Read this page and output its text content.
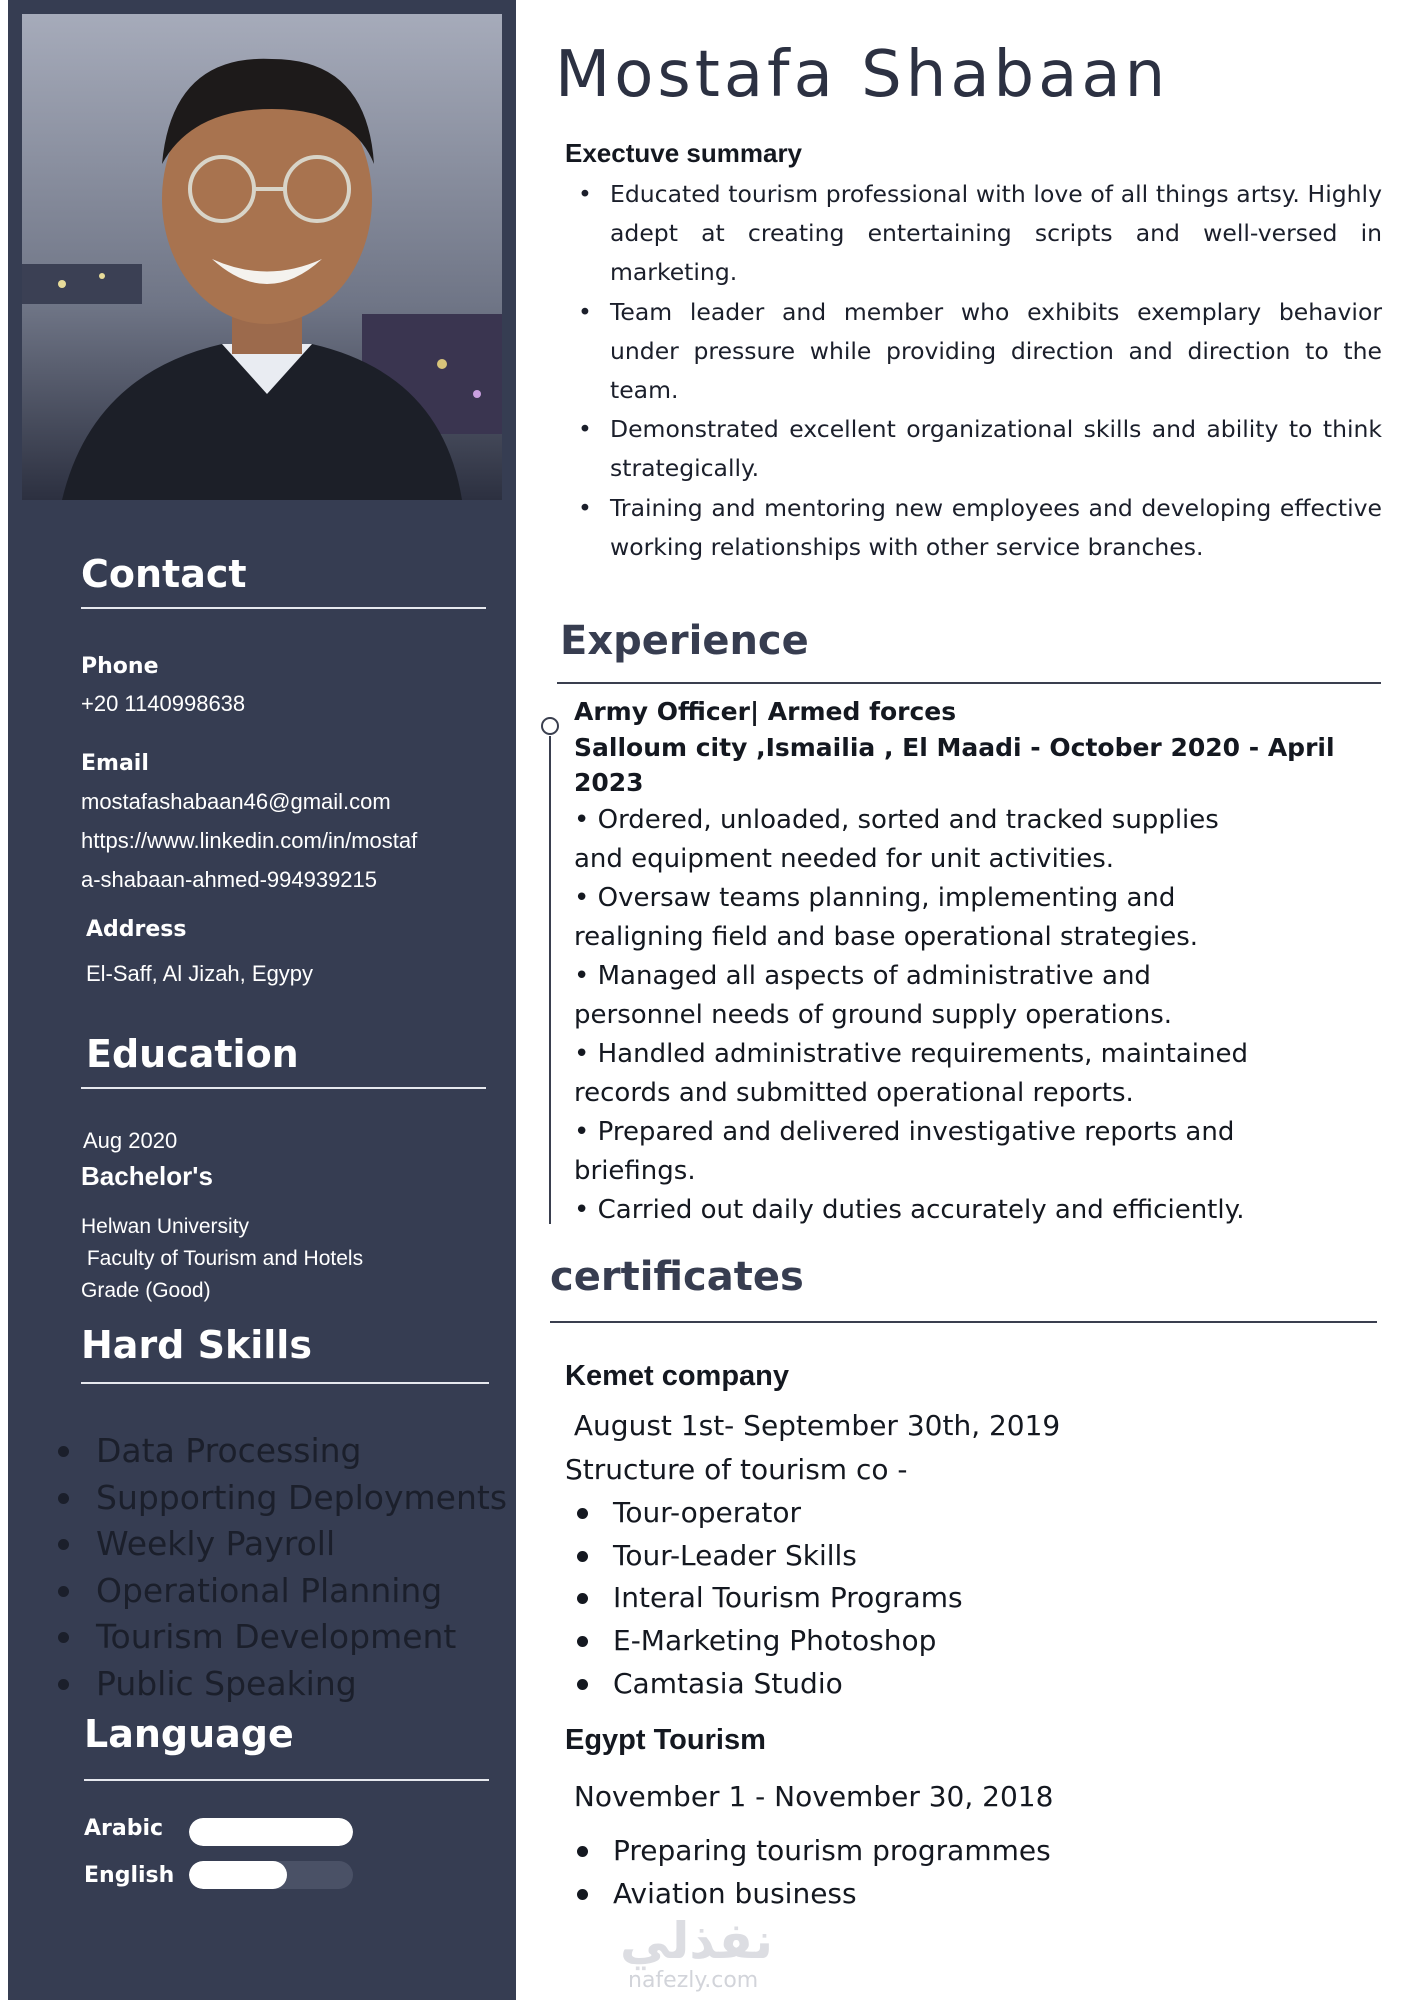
Contact
Phone
+20 1140998638
Email
mostafashabaan46@gmail.com
https://www.linkedin.com/in/mostaf
a-shabaan-ahmed-994939215
Address
El-Saff, Al Jizah, Egypy
Education
Aug 2020
Bachelor's
Helwan University
Faculty of Tourism and Hotels
Grade (Good)
Hard Skills
Data Processing
Supporting Deployments
Weekly Payroll
Operational Planning
Tourism Development
Public Speaking
Language
Arabic
English
Mostafa Shabaan
Exectuve summary
• Educated tourism professional with love of all things artsy. Highly adept at creating entertaining scripts and well-versed in marketing.
• Team leader and member who exhibits exemplary behavior under pressure while providing direction and direction to the team.
• Demonstrated excellent organizational skills and ability to think strategically.
• Training and mentoring new employees and developing effective working relationships with other service branches.
Experience
Army Officer| Armed forces
Salloum city ,Ismailia , El Maadi - October 2020 - April
2023
• Ordered, unloaded, sorted and tracked supplies
and equipment needed for unit activities.
• Oversaw teams planning, implementing and
realigning field and base operational strategies.
• Managed all aspects of administrative and
personnel needs of ground supply operations.
• Handled administrative requirements, maintained
records and submitted operational reports.
• Prepared and delivered investigative reports and
briefings.
• Carried out daily duties accurately and efficiently.
certificates
Kemet company
August 1st- September 30th, 2019
Structure of tourism co -
Tour-operator
Tour-Leader Skills
Interal Tourism Programs
E-Marketing Photoshop
Camtasia Studio
Egypt Tourism
November 1 - November 30, 2018
Preparing tourism programmes
Aviation business
نفذلي
nafezly.com
